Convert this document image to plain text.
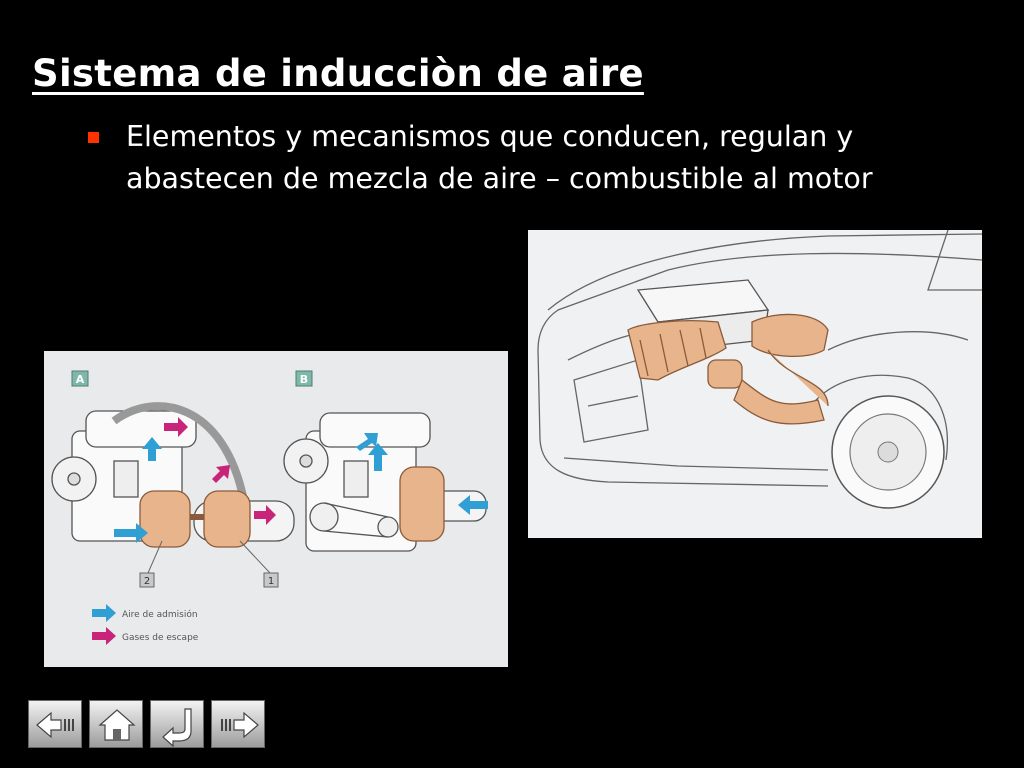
Sistema de inducciòn de aire
Elementos y mecanismos que conducen, regulan y abastecen de mezcla de aire – combustible al motor
A	B
2	1
Aire de admisión
Gases de escape
